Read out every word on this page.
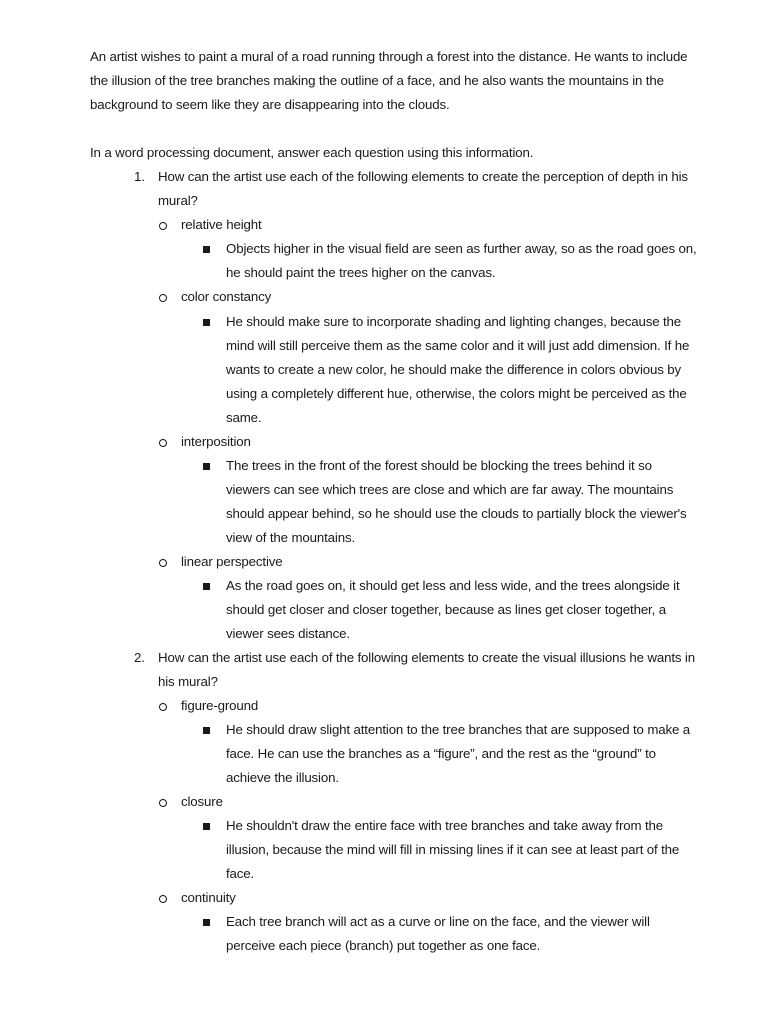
An artist wishes to paint a mural of a road running through a forest into the distance. He wants to include
the illusion of the tree branches making the outline of a face, and he also wants the mountains in the
background to seem like they are disappearing into the clouds.
In a word processing document, answer each question using this information.
1. How can the artist use each of the following elements to create the perception of depth in his
mural?
relative height
Objects higher in the visual field are seen as further away, so as the road goes on,
he should paint the trees higher on the canvas.
color constancy
He should make sure to incorporate shading and lighting changes, because the
mind will still perceive them as the same color and it will just add dimension. If he
wants to create a new color, he should make the difference in colors obvious by
using a completely different hue, otherwise, the colors might be perceived as the
same.
interposition
The trees in the front of the forest should be blocking the trees behind it so
viewers can see which trees are close and which are far away. The mountains
should appear behind, so he should use the clouds to partially block the viewer's
view of the mountains.
linear perspective
As the road goes on, it should get less and less wide, and the trees alongside it
should get closer and closer together, because as lines get closer together, a
viewer sees distance.
2. How can the artist use each of the following elements to create the visual illusions he wants in
his mural?
figure-ground
He should draw slight attention to the tree branches that are supposed to make a
face. He can use the branches as a “figure”, and the rest as the “ground” to
achieve the illusion.
closure
He shouldn't draw the entire face with tree branches and take away from the
illusion, because the mind will fill in missing lines if it can see at least part of the
face.
continuity
Each tree branch will act as a curve or line on the face, and the viewer will
perceive each piece (branch) put together as one face.
